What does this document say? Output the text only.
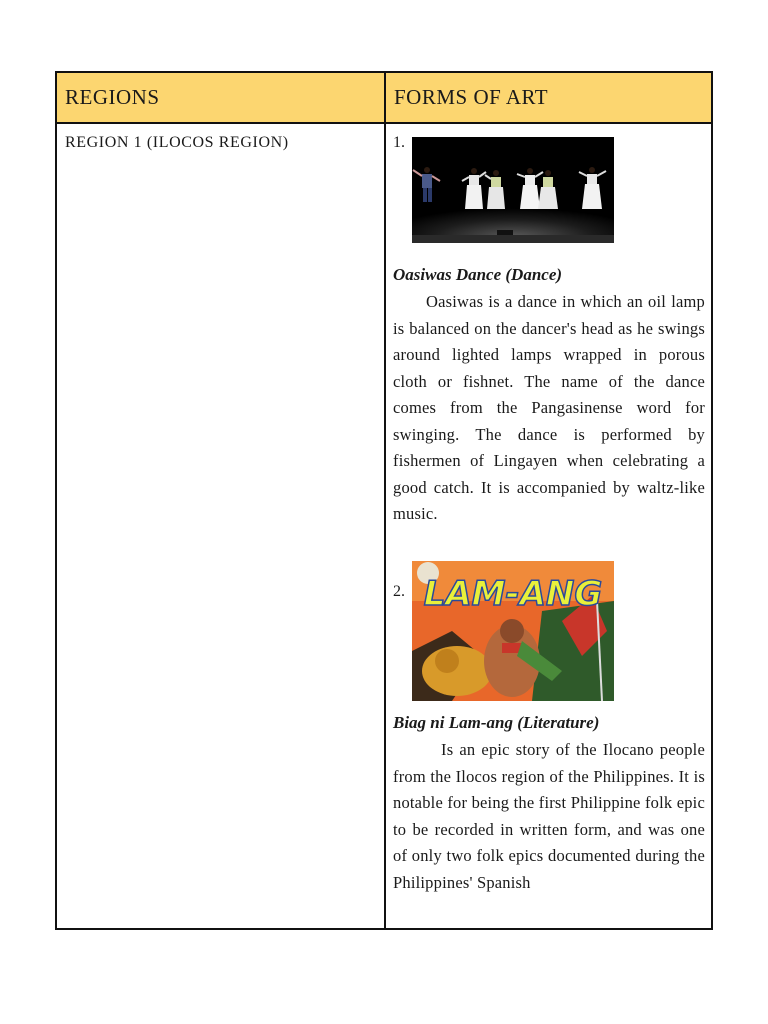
REGIONS	FORMS OF ART
REGION 1 (ILOCOS REGION)	1.
Oasiwas Dance (Dance)
Oasiwas is a dance in which an oil lamp is balanced on the dancer's head as he swings around lighted lamps wrapped in porous cloth or fishnet. The name of the dance comes from the Pangasinense word for swinging. The dance is performed by fishermen of Lingayen when celebrating a good catch. It is accompanied by waltz-like music.
2. LAM-ANG
Biag ni Lam-ang (Literature)
Is an epic story of the Ilocano people from the Ilocos region of the Philippines. It is notable for being the first Philippine folk epic to be recorded in written form, and was one of only two folk epics documented during the Philippines' Spanish
